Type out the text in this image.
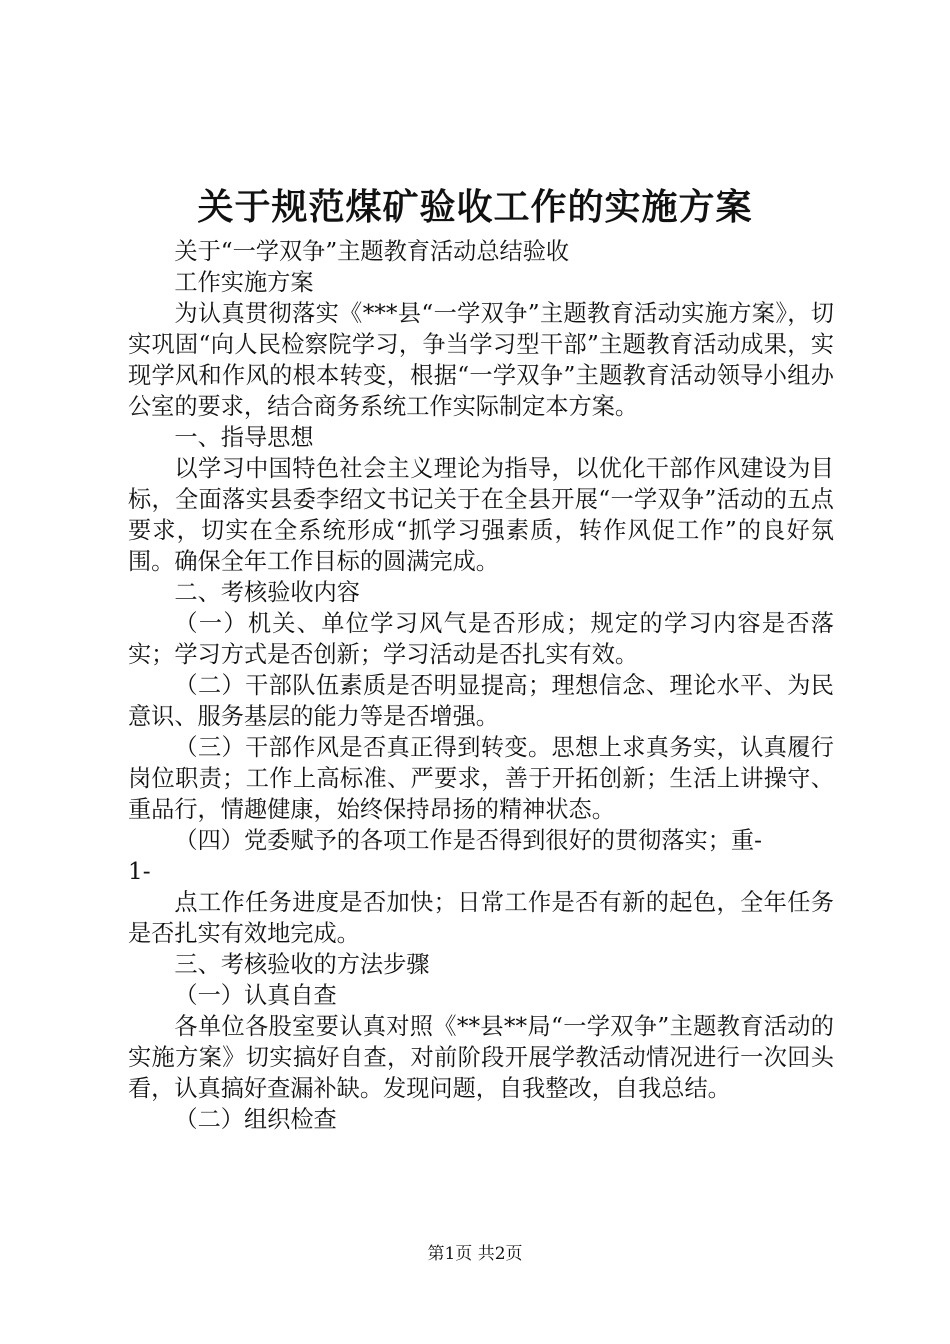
关于规范煤矿验收工作的实施方案

关于“一学双争”主题教育活动总结验收

工作实施方案

为认真贯彻落实《***县“一学双争”主题教育活动实施方案》，切实巩固“向人民检察院学习，争当学习型干部”主题教育活动成果，实现学风和作风的根本转变，根据“一学双争”主题教育活动领导小组办公室的要求，结合商务系统工作实际制定本方案。

一、指导思想

以学习中国特色社会主义理论为指导，以优化干部作风建设为目标，全面落实县委李绍文书记关于在全县开展“一学双争”活动的五点要求，切实在全系统形成“抓学习强素质，转作风促工作”的良好氛围。确保全年工作目标的圆满完成。

二、考核验收内容

（一）机关、单位学习风气是否形成；规定的学习内容是否落实；学习方式是否创新；学习活动是否扎实有效。

（二）干部队伍素质是否明显提高；理想信念、理论水平、为民意识、服务基层的能力等是否增强。

（三）干部作风是否真正得到转变。思想上求真务实，认真履行岗位职责；工作上高标准、严要求，善于开拓创新；生活上讲操守、重品行，情趣健康，始终保持昂扬的精神状态。

（四）党委赋予的各项工作是否得到很好的贯彻落实；重-

1-

点工作任务进度是否加快；日常工作是否有新的起色，全年任务是否扎实有效地完成。

三、考核验收的方法步骤

（一）认真自查

各单位各股室要认真对照《**县**局“一学双争”主题教育活动的实施方案》切实搞好自查，对前阶段开展学教活动情况进行一次回头看，认真搞好查漏补缺。发现问题，自我整改，自我总结。

（二）组织检查

第1页 共2页
